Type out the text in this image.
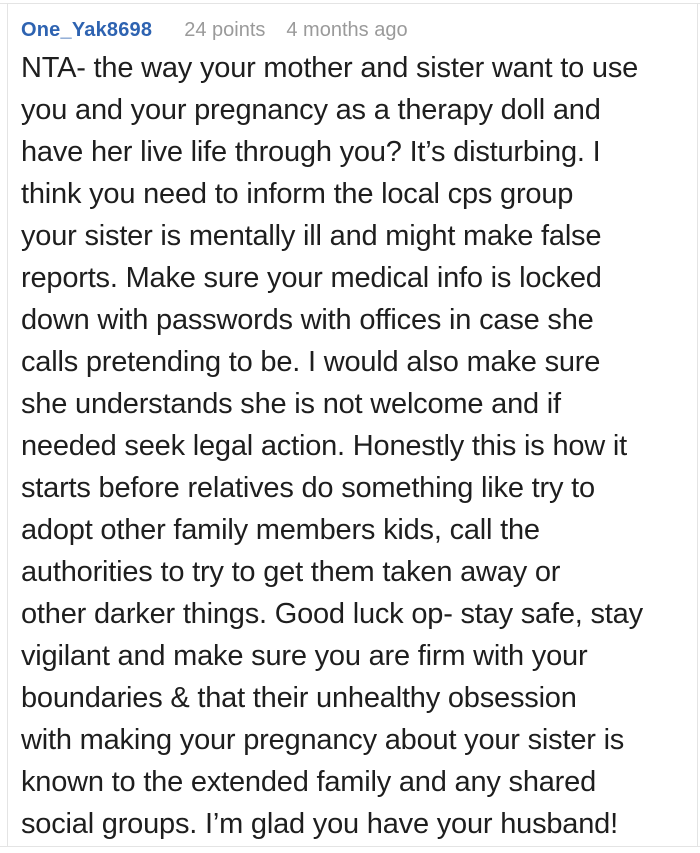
One_Yak8698 24 points 4 months ago
NTA- the way your mother and sister want to use
you and your pregnancy as a therapy doll and
have her live life through you? It’s disturbing. I
think you need to inform the local cps group
your sister is mentally ill and might make false
reports. Make sure your medical info is locked
down with passwords with offices in case she
calls pretending to be. I would also make sure
she understands she is not welcome and if
needed seek legal action. Honestly this is how it
starts before relatives do something like try to
adopt other family members kids, call the
authorities to try to get them taken away or
other darker things. Good luck op- stay safe, stay
vigilant and make sure you are firm with your
boundaries & that their unhealthy obsession
with making your pregnancy about your sister is
known to the extended family and any shared
social groups. I’m glad you have your husband!
